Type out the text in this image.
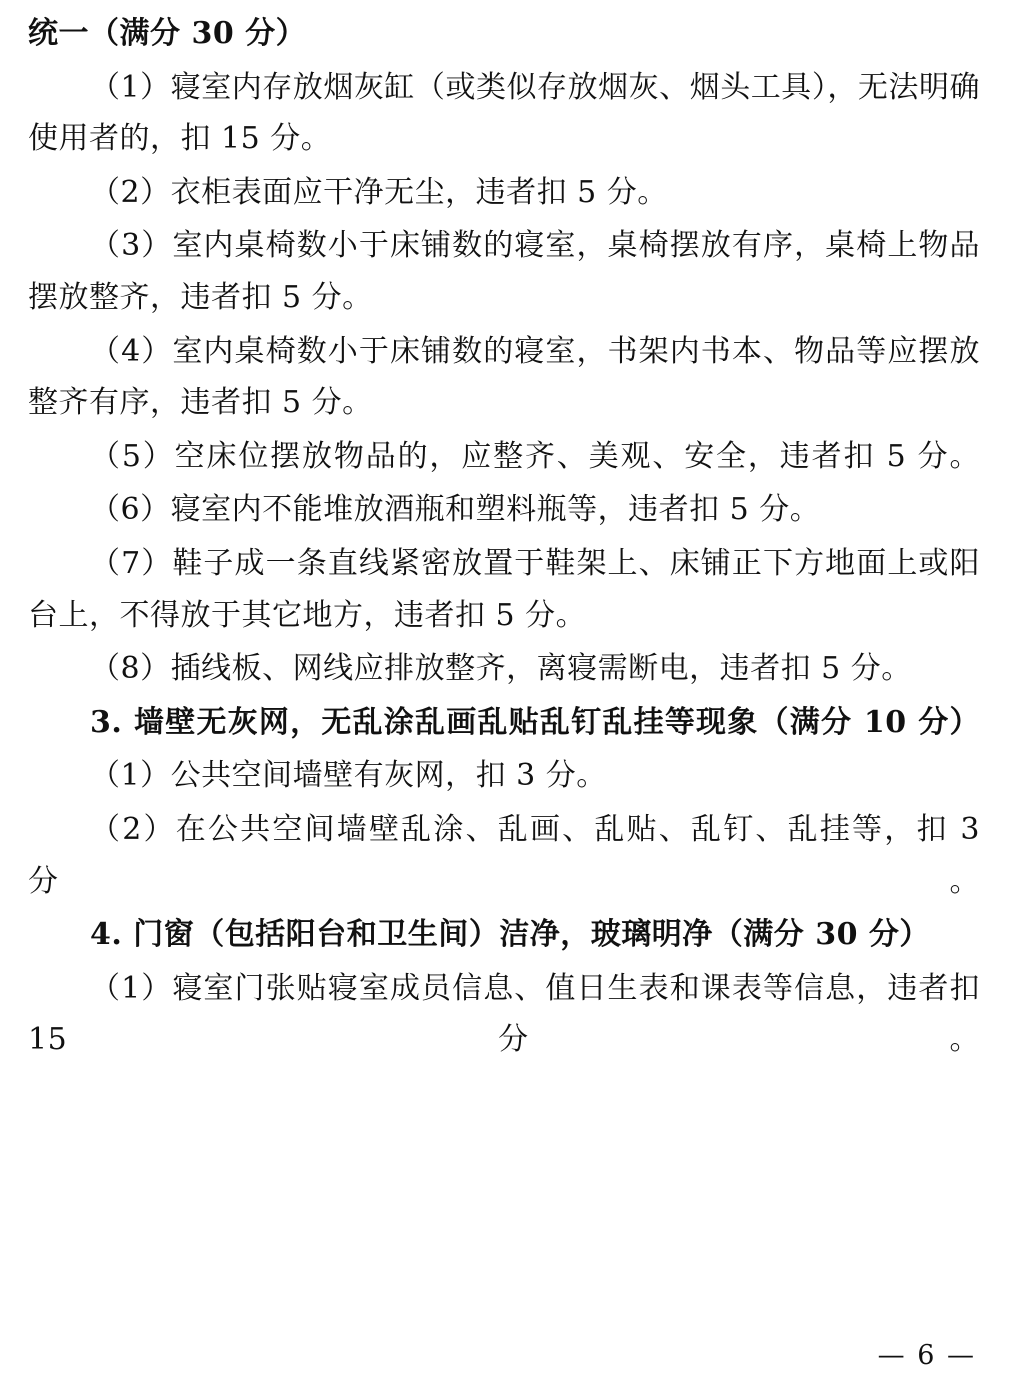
统一（满分 30 分）

（1）寝室内存放烟灰缸（或类似存放烟灰、烟头工具），无法明确使用者的，扣 15 分。

（2）衣柜表面应干净无尘，违者扣 5 分。

（3）室内桌椅数小于床铺数的寝室，桌椅摆放有序，桌椅上物品摆放整齐，违者扣 5 分。

（4）室内桌椅数小于床铺数的寝室，书架内书本、物品等应摆放整齐有序，违者扣 5 分。

（5）空床位摆放物品的，应整齐、美观、安全，违者扣 5 分。

（6）寝室内不能堆放酒瓶和塑料瓶等，违者扣 5 分。

（7）鞋子成一条直线紧密放置于鞋架上、床铺正下方地面上或阳台上，不得放于其它地方，违者扣 5 分。

（8）插线板、网线应排放整齐，离寝需断电，违者扣 5 分。

3. 墙壁无灰网，无乱涂乱画乱贴乱钉乱挂等现象（满分 10 分）

（1）公共空间墙壁有灰网，扣 3 分。

（2）在公共空间墙壁乱涂、乱画、乱贴、乱钉、乱挂等，扣 3 分。

4. 门窗（包括阳台和卫生间）洁净，玻璃明净（满分 30 分）

（1）寝室门张贴寝室成员信息、值日生表和课表等信息，违者扣 15 分。

— 6 —
